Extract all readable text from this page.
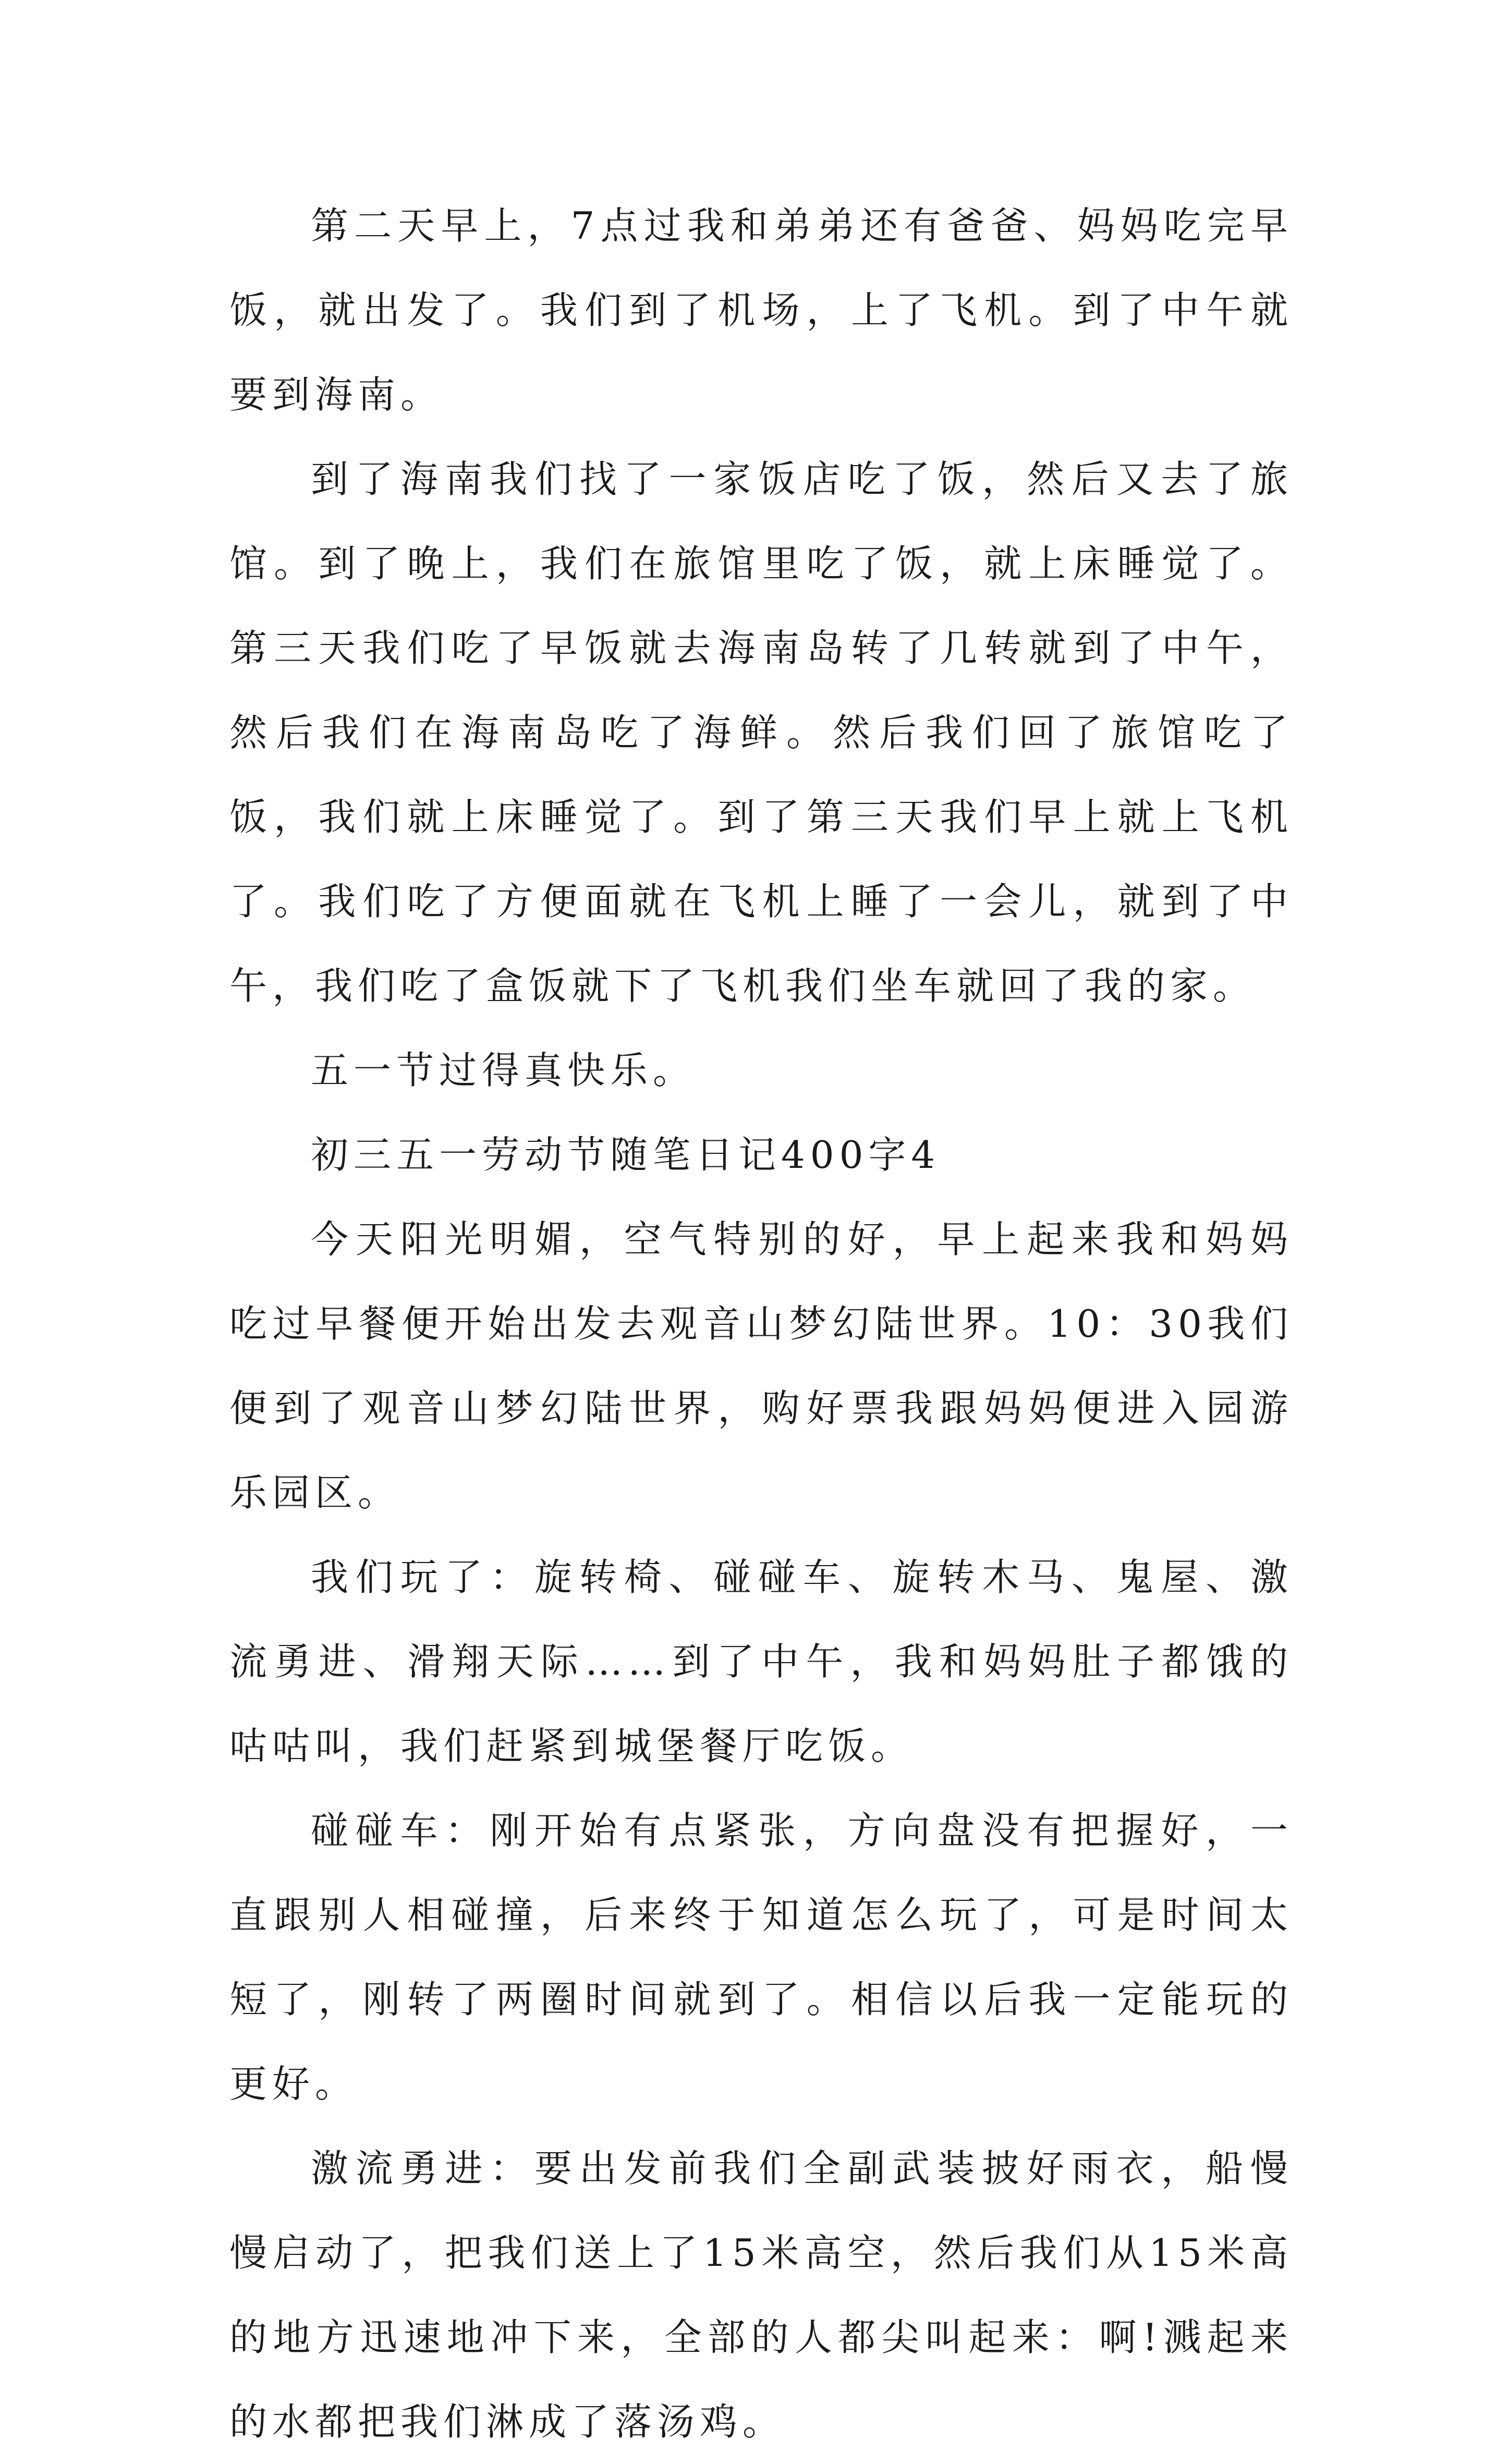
第二天早上，7点过我和弟弟还有爸爸、妈妈吃完早饭，就出发了。我们到了机场，上了飞机。到了中午就要到海南。

到了海南我们找了一家饭店吃了饭，然后又去了旅馆。到了晚上，我们在旅馆里吃了饭，就上床睡觉了。第三天我们吃了早饭就去海南岛转了几转就到了中午，然后我们在海南岛吃了海鲜。然后我们回了旅馆吃了饭，我们就上床睡觉了。到了第三天我们早上就上飞机了。我们吃了方便面就在飞机上睡了一会儿，就到了中午，我们吃了盒饭就下了飞机我们坐车就回了我的家。

五一节过得真快乐。

初三五一劳动节随笔日记400字4

今天阳光明媚，空气特别的好，早上起来我和妈妈吃过早餐便开始出发去观音山梦幻陆世界。10：30我们便到了观音山梦幻陆世界，购好票我跟妈妈便进入园游乐园区。

我们玩了：旋转椅、碰碰车、旋转木马、鬼屋、激流勇进、滑翔天际……到了中午，我和妈妈肚子都饿的咕咕叫，我们赶紧到城堡餐厅吃饭。

碰碰车：刚开始有点紧张，方向盘没有把握好，一直跟别人相碰撞，后来终于知道怎么玩了，可是时间太短了，刚转了两圈时间就到了。相信以后我一定能玩的更好。

激流勇进：要出发前我们全副武装披好雨衣，船慢慢启动了，把我们送上了15米高空，然后我们从15米高的地方迅速地冲下来，全部的人都尖叫起来：啊!溅起来的水都把我们淋成了落汤鸡。
